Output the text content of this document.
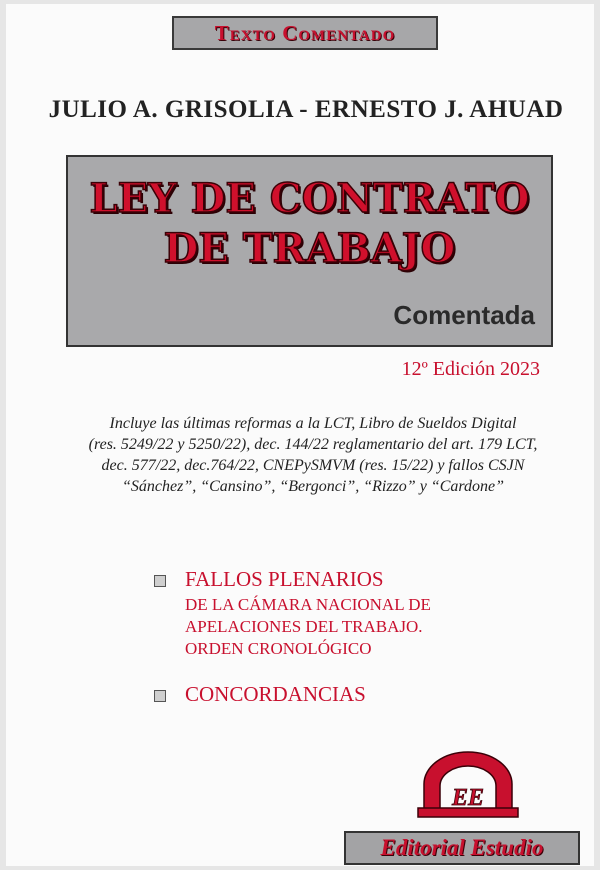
Texto Comentado
JULIO A. GRISOLIA - ERNESTO J. AHUAD
LEY DE CONTRATO
DE TRABAJO
Comentada
12º Edición 2023
Incluye las últimas reformas a la LCT, Libro de Sueldos Digital
(res. 5249/22 y 5250/22), dec. 144/22 reglamentario del art. 179 LCT,
dec. 577/22, dec.764/22, CNEPySMVM (res. 15/22) y fallos CSJN
“Sánchez”, “Cansino”, “Bergonci”, “Rizzo” y “Cardone”
FALLOS PLENARIOS
DE LA CÁMARA NACIONAL DE
APELACIONES DEL TRABAJO.
ORDEN CRONOLÓGICO
CONCORDANCIAS
EE
Editorial Estudio
